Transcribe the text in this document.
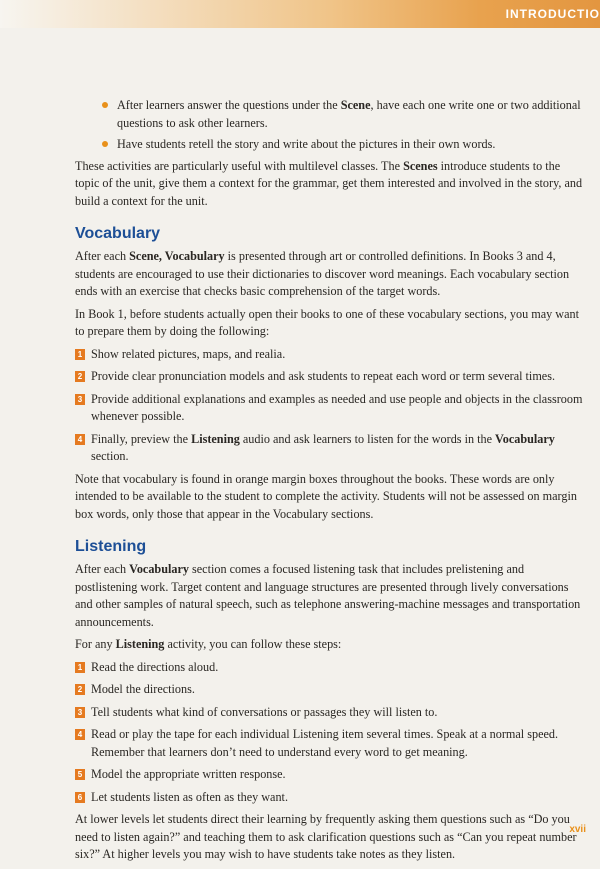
INTRODUCTIO
After learners answer the questions under the Scene, have each one write one or two additional questions to ask other learners.
Have students retell the story and write about the pictures in their own words.

These activities are particularly useful with multilevel classes. The Scenes introduce students to the topic of the unit, give them a context for the grammar, get them interested and involved in the story, and build a context for the unit.

Vocabulary

After each Scene, Vocabulary is presented through art or controlled definitions. In Books 3 and 4, students are encouraged to use their dictionaries to discover word meanings. Each vocabulary section ends with an exercise that checks basic comprehension of the target words.

In Book 1, before students actually open their books to one of these vocabulary sections, you may want to prepare them by doing the following:

1 Show related pictures, maps, and realia.
2 Provide clear pronunciation models and ask students to repeat each word or term several times.
3 Provide additional explanations and examples as needed and use people and objects in the classroom whenever possible.
4 Finally, preview the Listening audio and ask learners to listen for the words in the Vocabulary section.

Note that vocabulary is found in orange margin boxes throughout the books. These words are only intended to be available to the student to complete the activity. Students will not be assessed on margin box words, only those that appear in the Vocabulary sections.

Listening

After each Vocabulary section comes a focused listening task that includes prelistening and postlistening work. Target content and language structures are presented through lively conversations and other samples of natural speech, such as telephone answering-machine messages and transportation announcements.

For any Listening activity, you can follow these steps:

1 Read the directions aloud.
2 Model the directions.
3 Tell students what kind of conversations or passages they will listen to.
4 Read or play the tape for each individual Listening item several times. Speak at a normal speed. Remember that learners don’t need to understand every word to get meaning.
5 Model the appropriate written response.
6 Let students listen as often as they want.

At lower levels let students direct their learning by frequently asking them questions such as “Do you need to listen again?” and teaching them to ask clarification questions such as “Can you repeat number six?” At higher levels you may wish to have students take notes as they listen.

xvii
